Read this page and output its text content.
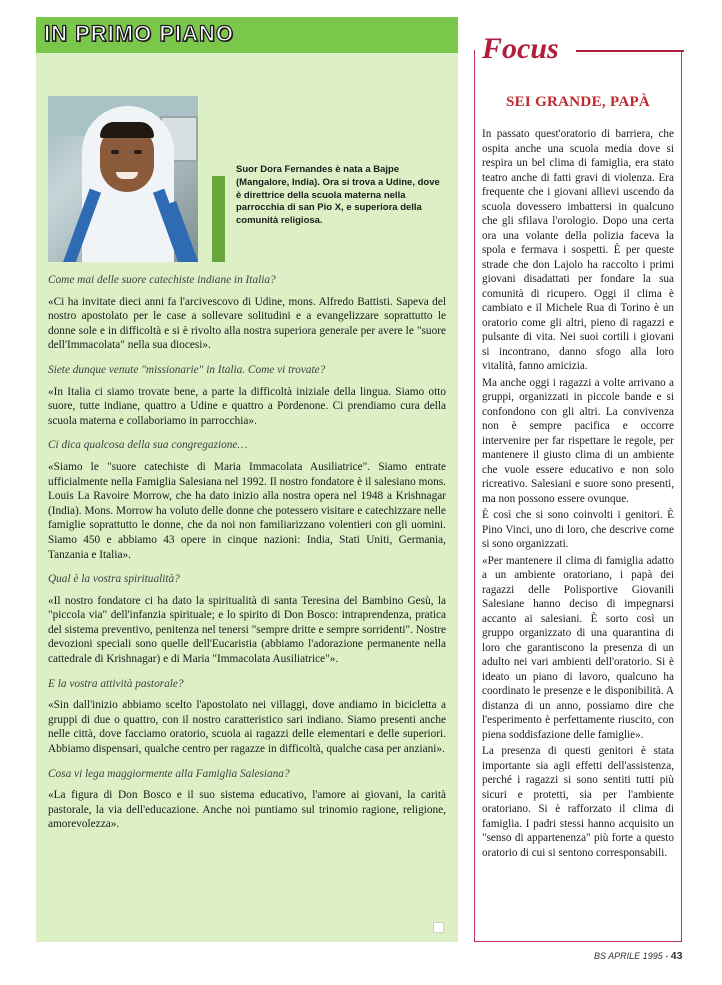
IN PRIMO PIANO

Suor Dora Fernandes è nata a Bajpe (Mangalore, India). Ora si trova a Udine, dove è direttrice della scuola materna nella parrocchia di san Pio X, e superiora della comunità religiosa.

Come mai delle suore catechiste indiane in Italia?

«Ci ha invitate dieci anni fa l'arcivescovo di Udine, mons. Alfredo Battisti. Sapeva del nostro apostolato per le case a sollevare solitudini e a evangelizzare soprattutto le donne sole e in difficoltà e si è rivolto alla nostra superiora generale per avere le "suore dell'Immacolata" nella sua diocesi».

Siete dunque venute "missionarie" in Italia. Come vi trovate?

«In Italia ci siamo trovate bene, a parte la difficoltà iniziale della lingua. Siamo otto suore, tutte indiane, quattro a Udine e quattro a Pordenone. Ci prendiamo cura della scuola materna e collaboriamo in parrocchia».

Ci dica qualcosa della sua congregazione…

«Siamo le "suore catechiste di Maria Immacolata Ausiliatrice". Siamo entrate ufficialmente nella Famiglia Salesiana nel 1992. Il nostro fondatore è il salesiano mons. Louis La Ravoire Morrow, che ha dato inizio alla nostra opera nel 1948 a Krishnagar (India). Mons. Morrow ha voluto delle donne che potessero visitare e catechizzare nelle famiglie soprattutto le donne, che da noi non familiarizzano volentieri con gli uomini. Siamo 450 e abbiamo 43 opere in cinque nazioni: India, Stati Uniti, Germania, Tanzania e Italia».

Qual è la vostra spiritualità?

«Il nostro fondatore ci ha dato la spiritualità di santa Teresina del Bambino Gesù, la "piccola via" dell'infanzia spirituale; e lo spirito di Don Bosco: intraprendenza, pratica del sistema preventivo, penitenza nel tenersi "sempre dritte e sempre sorridenti". Nostre devozioni speciali sono quelle dell'Eucaristia (abbiamo l'adorazione permanente nella cattedrale di Krishnagar) e di Maria "Immacolata Ausiliatrice"».

E la vostra attività pastorale?

«Sin dall'inizio abbiamo scelto l'apostolato nei villaggi, dove andiamo in bicicletta a gruppi di due o quattro, con il nostro caratteristico sari indiano. Siamo presenti anche nelle città, dove facciamo oratorio, scuola ai ragazzi delle elementari e delle superiori. Abbiamo dispensari, qualche centro per ragazze in difficoltà, qualche casa per anziani».

Cosa vi lega maggiormente alla Famiglia Salesiana?

«La figura di Don Bosco e il suo sistema educativo, l'amore ai giovani, la carità pastorale, la via dell'educazione. Anche noi puntiamo sul trinomio ragione, religione, amorevolezza».

Focus
SEI GRANDE, PAPÀ

In passato quest'oratorio di barriera, che ospita anche una scuola media dove si respira un bel clima di famiglia, era stato teatro anche di fatti gravi di violenza. Era frequente che i giovani allievi uscendo da scuola dovessero imbattersi in qualcuno che gli sfilava l'orologio. Dopo una certa ora una volante della polizia faceva la spola e fermava i sospetti. È per queste strade che don Lajolo ha raccolto i primi giovani disadattati per fondare la sua comunità di ricupero. Oggi il clima è cambiato e il Michele Rua di Torino è un oratorio come gli altri, pieno di ragazzi e pulsante di vita. Nei suoi cortili i giovani si incontrano, danno sfogo alla loro vitalità, fanno amicizia.

Ma anche oggi i ragazzi a volte arrivano a gruppi, organizzati in piccole bande e si confondono con gli altri. La convivenza non è sempre pacifica e occorre intervenire per far rispettare le regole, per mantenere il giusto clima di un ambiente che vuole essere educativo e non solo ricreativo. Salesiani e suore sono presenti, ma non possono essere ovunque.

È così che si sono coinvolti i genitori. È Pino Vinci, uno di loro, che descrive come si sono organizzati.

«Per mantenere il clima di famiglia adatto a un ambiente oratoriano, i papà dei ragazzi delle Polisportive Giovanili Salesiane hanno deciso di impegnarsi accanto ai salesiani. È sorto così un gruppo organizzato di una quarantina di loro che garantiscono la presenza di un adulto nei vari ambienti dell'oratorio. Si è ideato un piano di lavoro, qualcuno ha coordinato le presenze e le disponibilità. A distanza di un anno, possiamo dire che l'esperimento è perfettamente riuscito, con piena soddisfazione delle famiglie».

La presenza di questi genitori è stata importante sia agli effetti dell'assistenza, perché i ragazzi si sono sentiti tutti più sicuri e protetti, sia per l'ambiente oratoriano. Si è rafforzato il clima di famiglia. I padri stessi hanno acquisito un "senso di appartenenza" più forte a questo oratorio di cui si sentono corresponsabili.

BS APRILE 1995 - 43
